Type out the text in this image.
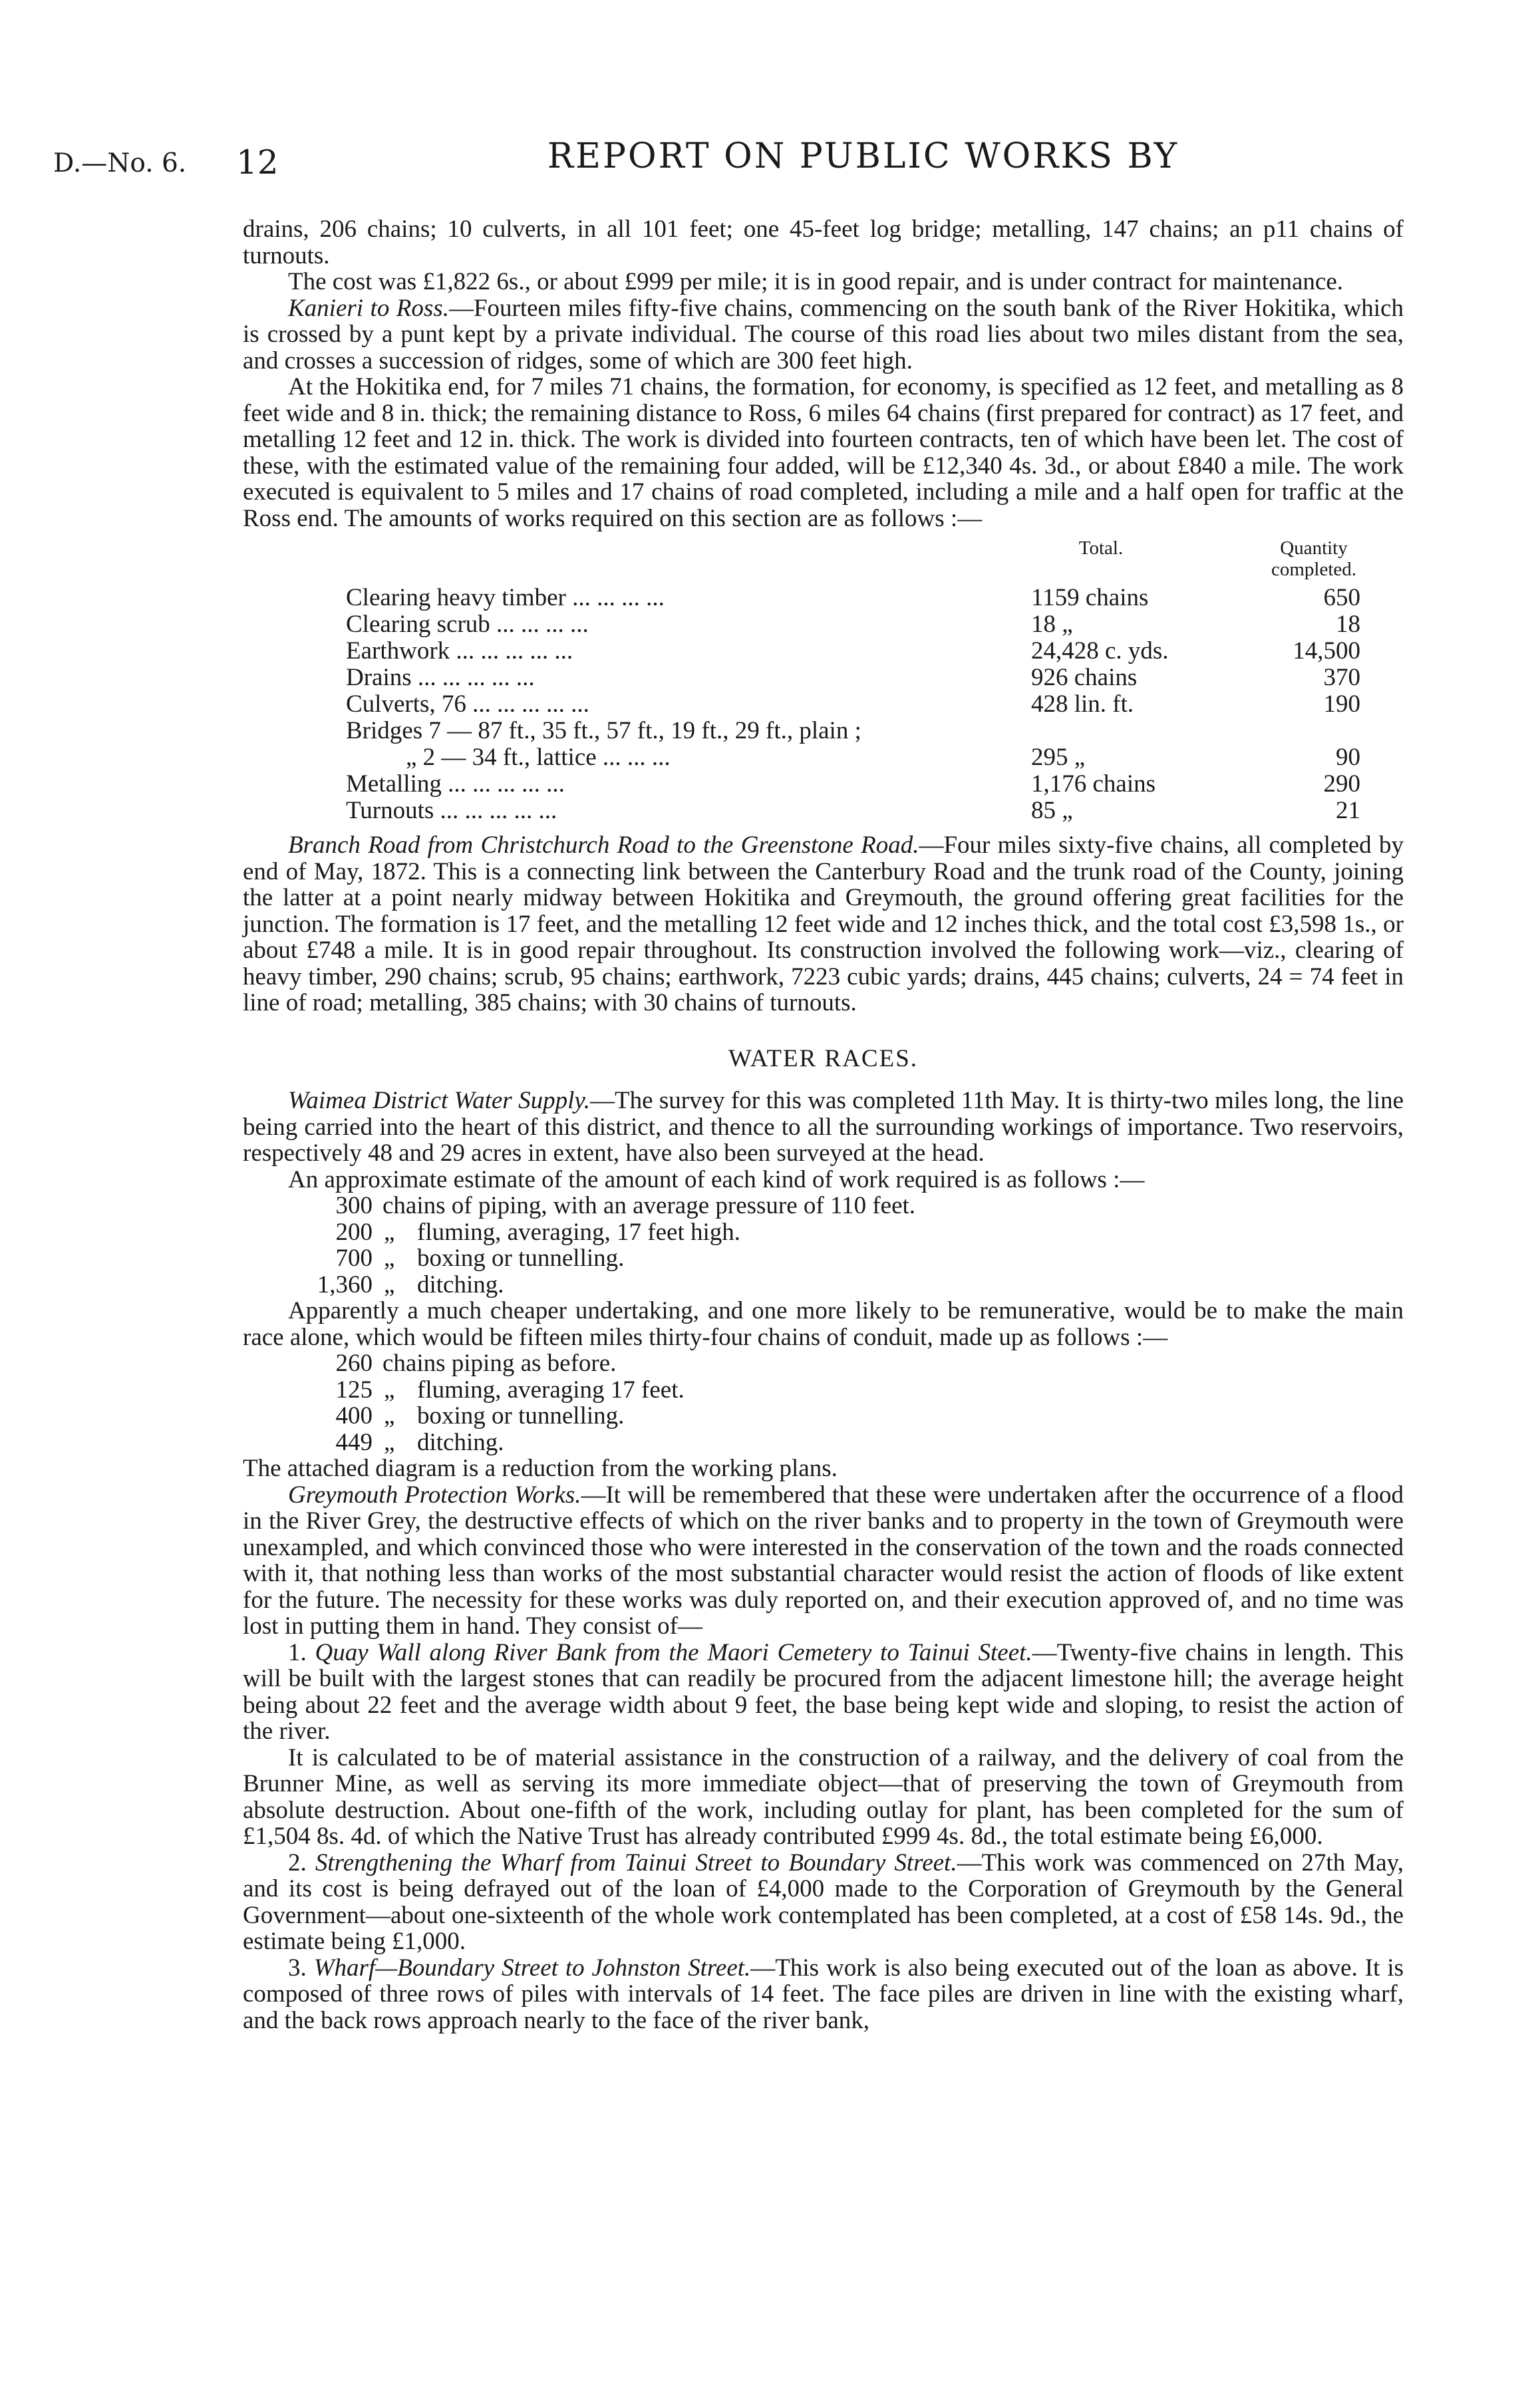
D.—No. 6. 12	REPORT ON PUBLIC WORKS BY

drains, 206 chains; 10 culverts, in all 101 feet; one 45-feet log bridge; metalling, 147 chains; an p11 chains of turnouts.

The cost was £1,822 6s., or about £999 per mile; it is in good repair, and is under contract for maintenance.

Kanieri to Ross.—Fourteen miles fifty-five chains, commencing on the south bank of the River Hokitika, which is crossed by a punt kept by a private individual. The course of this road lies about two miles distant from the sea, and crosses a succession of ridges, some of which are 300 feet high.

At the Hokitika end, for 7 miles 71 chains, the formation, for economy, is specified as 12 feet, and metalling as 8 feet wide and 8 in. thick; the remaining distance to Ross, 6 miles 64 chains (first prepared for contract) as 17 feet, and metalling 12 feet and 12 in. thick. The work is divided into fourteen contracts, ten of which have been let. The cost of these, with the estimated value of the remaining four added, will be £12,340 4s. 3d., or about £840 a mile. The work executed is equivalent to 5 miles and 17 chains of road completed, including a mile and a half open for traffic at the Ross end. The amounts of works required on this section are as follows :—

Total.	Quantity
completed.
Clearing heavy timber ... ... ... ...	1159 chains	650
Clearing scrub ... ... ... ...	18 „	18
Earthwork ... ... ... ... ...	24,428 c. yds.	14,500
Drains ... ... ... ... ...	926 chains	370
Culverts, 76 ... ... ... ... ...	428 lin. ft.	190
Bridges 7 — 87 ft., 35 ft., 57 ft., 19 ft., 29 ft., plain ;
„ 2 — 34 ft., lattice ... ... ...	295 „	90
Metalling ... ... ... ... ...	1,176 chains	290
Turnouts ... ... ... ... ...	85 „	21

Branch Road from Christchurch Road to the Greenstone Road.—Four miles sixty-five chains, all completed by end of May, 1872. This is a connecting link between the Canterbury Road and the trunk road of the County, joining the latter at a point nearly midway between Hokitika and Greymouth, the ground offering great facilities for the junction. The formation is 17 feet, and the metalling 12 feet wide and 12 inches thick, and the total cost £3,598 1s., or about £748 a mile. It is in good repair throughout. Its construction involved the following work—viz., clearing of heavy timber, 290 chains; scrub, 95 chains; earthwork, 7223 cubic yards; drains, 445 chains; culverts, 24 = 74 feet in line of road; metalling, 385 chains; with 30 chains of turnouts.

WATER RACES.

Waimea District Water Supply.—The survey for this was completed 11th May. It is thirty-two miles long, the line being carried into the heart of this district, and thence to all the surrounding workings of importance. Two reservoirs, respectively 48 and 29 acres in extent, have also been surveyed at the head.

An approximate estimate of the amount of each kind of work required is as follows :—

300 chains of piping, with an average pressure of 110 feet.
200 „ fluming, averaging, 17 feet high.
700 „ boxing or tunnelling.
1,360 „ ditching.

Apparently a much cheaper undertaking, and one more likely to be remunerative, would be to make the main race alone, which would be fifteen miles thirty-four chains of conduit, made up as follows :—

260 chains piping as before.
125 „ fluming, averaging 17 feet.
400 „ boxing or tunnelling.
449 „ ditching.

The attached diagram is a reduction from the working plans.

Greymouth Protection Works.—It will be remembered that these were undertaken after the occurrence of a flood in the River Grey, the destructive effects of which on the river banks and to property in the town of Greymouth were unexampled, and which convinced those who were interested in the conservation of the town and the roads connected with it, that nothing less than works of the most substantial character would resist the action of floods of like extent for the future. The necessity for these works was duly reported on, and their execution approved of, and no time was lost in putting them in hand. They consist of—

1. Quay Wall along River Bank from the Maori Cemetery to Tainui Steet.—Twenty-five chains in length. This will be built with the largest stones that can readily be procured from the adjacent limestone hill; the average height being about 22 feet and the average width about 9 feet, the base being kept wide and sloping, to resist the action of the river.

It is calculated to be of material assistance in the construction of a railway, and the delivery of coal from the Brunner Mine, as well as serving its more immediate object—that of preserving the town of Greymouth from absolute destruction. About one-fifth of the work, including outlay for plant, has been completed for the sum of £1,504 8s. 4d. of which the Native Trust has already contributed £999 4s. 8d., the total estimate being £6,000.

2. Strengthening the Wharf from Tainui Street to Boundary Street.—This work was commenced on 27th May, and its cost is being defrayed out of the loan of £4,000 made to the Corporation of Greymouth by the General Government—about one-sixteenth of the whole work contemplated has been completed, at a cost of £58 14s. 9d., the estimate being £1,000.

3. Wharf—Boundary Street to Johnston Street.—This work is also being executed out of the loan as above. It is composed of three rows of piles with intervals of 14 feet. The face piles are driven in line with the existing wharf, and the back rows approach nearly to the face of the river bank,
